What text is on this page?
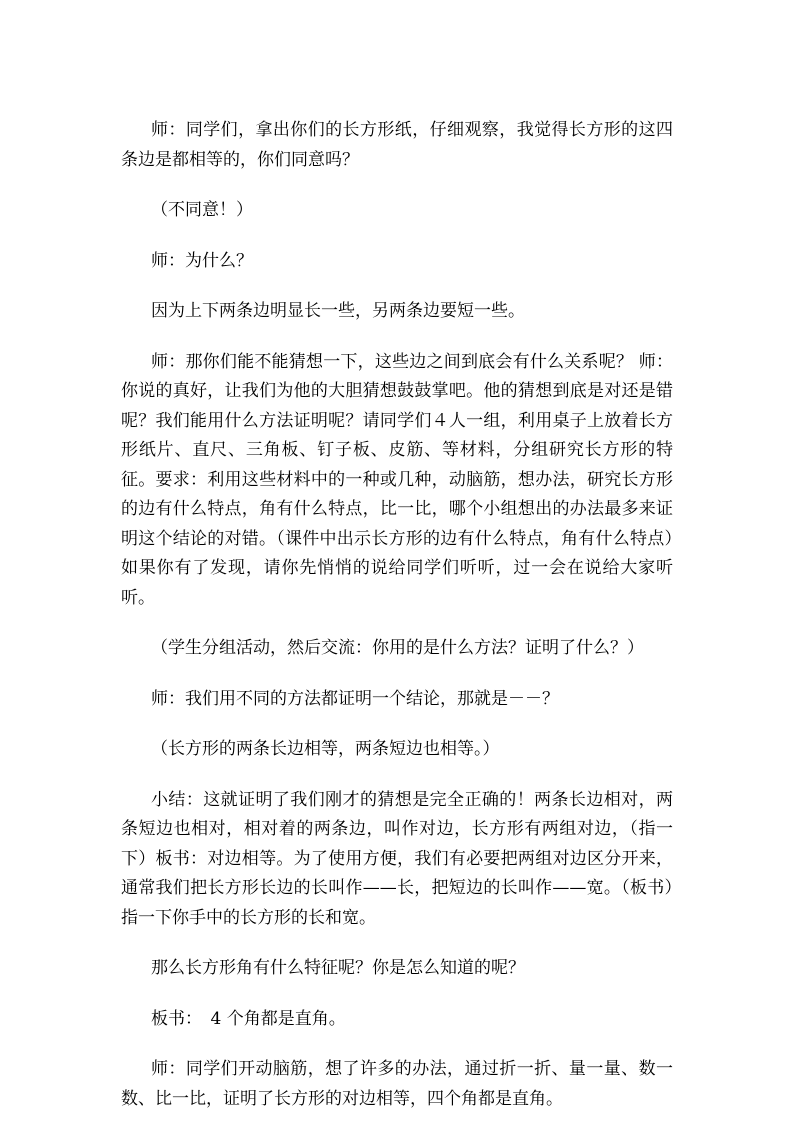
师：同学们，拿出你们的长方形纸，仔细观察，我觉得长方形的这四条边是都相等的，你们同意吗？

（不同意！）

师：为什么？

因为上下两条边明显长一些，另两条边要短一些。

师：那你们能不能猜想一下，这些边之间到底会有什么关系呢？ 师：你说的真好，让我们为他的大胆猜想鼓鼓掌吧。他的猜想到底是对还是错呢？我们能用什么方法证明呢？请同学们４人一组，利用桌子上放着长方形纸片、直尺、三角板、钉子板、皮筋、等材料，分组研究长方形的特征。要求：利用这些材料中的一种或几种，动脑筋，想办法，研究长方形的边有什么特点，角有什么特点，比一比，哪个小组想出的办法最多来证明这个结论的对错。（课件中出示长方形的边有什么特点，角有什么特点）如果你有了发现，请你先悄悄的说给同学们听听，过一会在说给大家听听。

（学生分组活动，然后交流：你用的是什么方法？证明了什么？）

师：我们用不同的方法都证明一个结论，那就是－－？

（长方形的两条长边相等，两条短边也相等。）

小结：这就证明了我们刚才的猜想是完全正确的！两条长边相对，两条短边也相对，相对着的两条边，叫作对边，长方形有两组对边，（指一下）板书：对边相等。为了使用方便，我们有必要把两组对边区分开来，通常我们把长方形长边的长叫作——长，把短边的长叫作——宽。（板书）指一下你手中的长方形的长和宽。

那么长方形角有什么特征呢？你是怎么知道的呢？

板书：　4 个角都是直角。

师：同学们开动脑筋，想了许多的办法，通过折一折、量一量、数一数、比一比，证明了长方形的对边相等，四个角都是直角。
